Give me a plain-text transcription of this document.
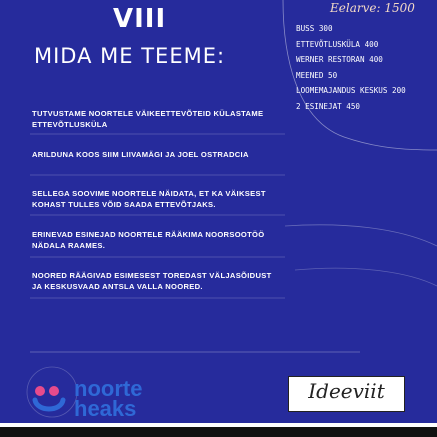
VIII	Eelarve: 1500
MIDA ME TEEME:
BUSS 300
ETTEVÕTLUSKÜLA 400
WERNER RESTORAN 400
MEENED 50
LOOMEMAJANDUS KESKUS 200
2 ESINEJAT 450
TUTVUSTAME NOORTELE VÄIKEETTEVÕTEID KÜLASTAME ETTEVÕTLUSKÜLA
ARILDUNA KOOS SIIM LIIVAMÄGI JA JOEL OSTRADCIA
SELLEGA SOOVIME NOORTELE NÄIDATA, ET KA VÄIKSEST KOHAST TULLES VÕID SAADA ETTEVÕTJAKS.
ERINEVAD ESINEJAD NOORTELE RÄÄKIMA NOORSOOTÖÖ NÄDALA RAAMES.
NOORED RÄÄGIVAD ESIMESEST TOREDAST VÄLJASÕIDUST JA KESKUSVAAD ANTSLA VALLA NOORED.
noorte
heaks
Ideeviit
